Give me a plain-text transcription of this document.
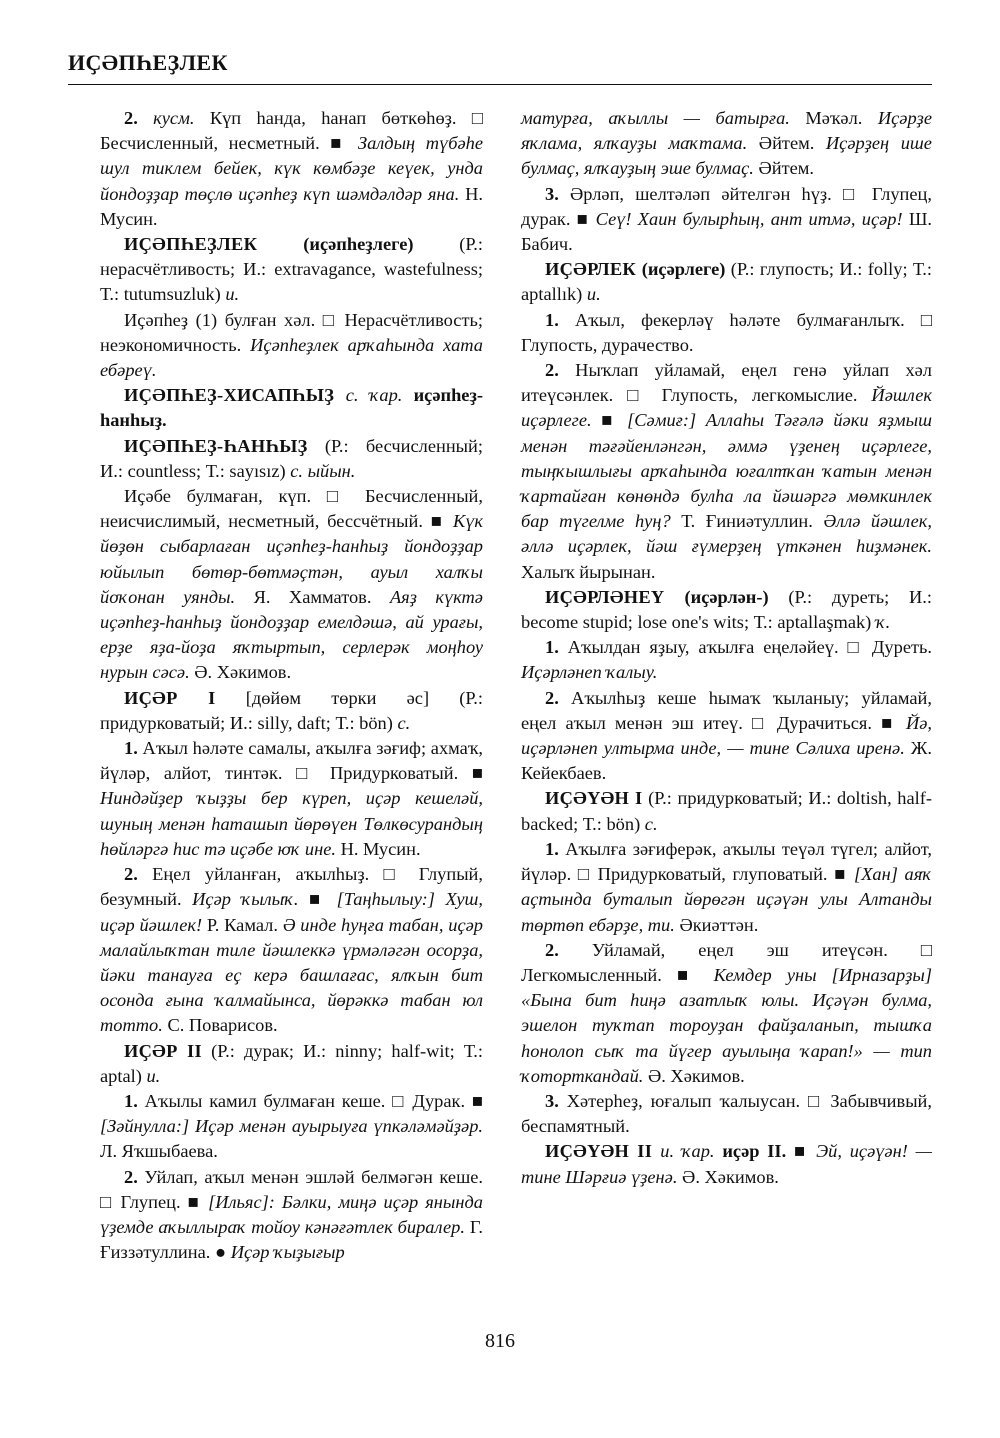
ИҪӘПҺЕҘЛЕК

2. кусм. Күп һанда, һанап бөткөһөҙ. □ Бесчисленный, несметный. ■ Залдың түбәһе шул тиклем бейек, күк көмбәҙе кеүек, унда йондоҙҙар төҫлө иҫәпһеҙ күп шәмдәлдәр яна. Н. Мусин.

ИҪӘПҺЕҘЛЕК (иҫәпһеҙлеге) (Р.: нерасчётливость; И.: extravagance, wastefulness; Т.: tutumsuzluk) и.

Иҫәпһеҙ (1) булған хәл. □ Нерасчётливость; неэкономичность. Иҫәпһеҙлек арҡаһында хата ебәреү.

ИҪӘПҺЕҘ-ХИСАПҺЫҘ с. ҡар. иҫәпһеҙ-һанһыҙ.

ИҪӘПҺЕҘ-ҺАНҺЫҘ (Р.: бесчисленный; И.: countless; Т.: sayısız) с. ыйын.

Иҫәбе булмаған, күп. □ Бесчисленный, неисчислимый, несметный, бессчётный. ■ Күк йөҙөн сыбарлаған иҫәпһеҙ-һанһыҙ йондоҙҙар юйылып бөтөр-бөтмәҫтән, ауыл халҡы йоҡонан уянды. Я. Хамматов. Аяҙ күктә иҫәпһеҙ-һанһыҙ йондоҙҙар емелдәшә, ай урағы, ерҙе яҙа-йоҙа яҡтыртып, серлерәк моңһоу нурын сәсә. Ә. Хәкимов.

ИҪӘР I [дөйөм төрки әс] (Р.: придурковатый; И.: silly, daft; Т.: bön) с.

1. Аҡыл һәләте самалы, аҡылға зәғиф; ахмаҡ, йүләр, алйот, тинтәк. □ Придурковатый. ■ Ниндәйҙер ҡыҙҙы бер күреп, иҫәр кешеләй, шуның менән һаташып йөрөүен Төлкөсурандың һөйләргә һис тә иҫәбе юҡ ине. Н. Мусин.

2. Еңел уйланған, аҡылһыҙ. □ Глупый, безумный. Иҫәр ҡылыҡ. ■ [Таңһылыу:] Хуш, иҫәр йәшлек! Р. Камал. Ә инде һуңға табан, иҫәр малайлыҡтан тиле йәшлеккә үрмәләгән осорҙа, йәки танауға еҫ керә башлағас, ялҡын бит осонда ғына ҡалмайынса, йөрәккә табан юл тотто. С. Поварисов.

ИҪӘР II (Р.: дурак; И.: ninny; half-wit; Т.: aptal) и.

1. Аҡылы камил булмаған кеше. □ Дурак. ■ [Зәйнулла:] Иҫәр менән ауырыуға үпкәләмәйҙәр. Л. Яҡшыбаева.

2. Уйлап, аҡыл менән эшләй белмәгән кеше. □ Глупец. ■ [Ильяс]: Бәлки, миңә иҫәр янында үҙемде аҡыллыраҡ тойоу кәнәғәтлек биралер. Г. Ғиззәтуллина. ● Иҫәр ҡыҙығыр

матурға, аҡыллы — батырға. Мәҡәл. Иҫәрҙе яҡлама, ялҡауҙы маҡтама. Әйтем. Иҫәрҙең ише булмаҫ, ялҡауҙың эше булмаҫ. Әйтем.

3. Әрләп, шелтәләп әйтелгән һүҙ. □ Глупец, дурак. ■ Сеү! Хаин булырһың, ант итмә, иҫәр! Ш. Бабич.

ИҪӘРЛЕК (иҫәрлеге) (Р.: глупость; И.: folly; Т.: aptallık) и.

1. Аҡыл, фекерләү һәләте булмағанлыҡ. □ Глупость, дурачество.

2. Ныҡлап уйламай, еңел генә уйлап хәл итеүсәнлек. □ Глупость, легкомыслие. Йәшлек иҫәрлеге. ■ [Сәмиғ:] Аллаһы Тәғәлә йәки яҙмыш менән тәғәйенләнгән, әммә үҙенең иҫәрлеге, тыңҡышлығы арҡаһында юғалтҡан ҡатын менән ҡартайған көнөндә булһа ла йәшәргә мөмкинлек бар түгелме һуң? Т. Ғиниәтуллин. Әллә йәшлек, әллә иҫәрлек, йәш ғүмерҙең үткәнен һиҙмәнек. Халыҡ йырынан.

ИҪӘРЛӘНЕҮ (иҫәрлән-) (Р.: дуреть; И.: become stupid; lose one's wits; Т.: aptallaşmak) ҡ.

1. Аҡылдан яҙыу, аҡылға еңеләйеү. □ Дуреть. Иҫәрләнеп ҡалыу.

2. Аҡылһыҙ кеше һымаҡ ҡыланыу; уйламай, еңел аҡыл менән эш итеү. □ Дурачиться. ■ Йә, иҫәрләнеп ултырма инде, — тине Сәлиха иренә. Ж. Кейекбаев.

ИҪӘҮӘН I (Р.: придурковатый; И.: doltish, half-backed; Т.: bön) с.

1. Аҡылға зәғиферәк, аҡылы теүәл түгел; алйот, йүләр. □ Придурковатый, глуповатый. ■ [Хан] аяҡ аҫтында буталып йөрөгән иҫәүән улы Алтанды төртөп ебәрҙе, ти. Әкиәттән.

2. Уйламай, еңел эш итеүсән. □ Легкомысленный. ■ Кемдер уны [Ирназарҙы] «Бына бит һиңә азатлыҡ юлы. Иҫәүән булма, эшелон туҡтап тороуҙан файҙаланып, тышҡа һонолоп сыҡ та йүгер ауылыңа ҡарап!» — тип ҡоторткандай. Ә. Хәкимов.

3. Хәтерһеҙ, юғалып ҡалыусан. □ Забывчивый, беспамятный.

ИҪӘҮӘН II и. ҡар. иҫәр II. ■ Эй, иҫәүән! — тине Шәрғиә үҙенә. Ә. Хәкимов.

816
